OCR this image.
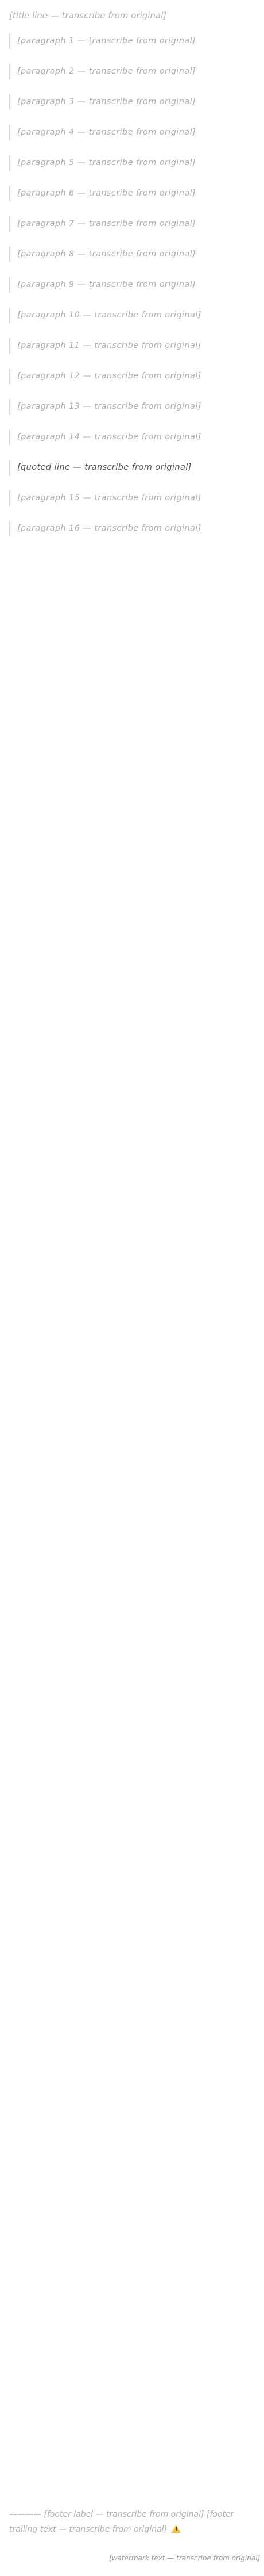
[title line — transcribe from original]
[paragraph 1 — transcribe from original]
[paragraph 2 — transcribe from original]
[paragraph 3 — transcribe from original]
[paragraph 4 — transcribe from original]
[paragraph 5 — transcribe from original]
[paragraph 6 — transcribe from original]
[paragraph 7 — transcribe from original]
[paragraph 8 — transcribe from original]
[paragraph 9 — transcribe from original]
[paragraph 10 — transcribe from original]
[paragraph 11 — transcribe from original]
[paragraph 12 — transcribe from original]
[paragraph 13 — transcribe from original]
[paragraph 14 — transcribe from original]
[quoted line — transcribe from original]
[paragraph 15 — transcribe from original]
[paragraph 16 — transcribe from original]
———— [footer label — transcribe from original] [footer trailing text — transcribe from original] !
[watermark text — transcribe from original]
